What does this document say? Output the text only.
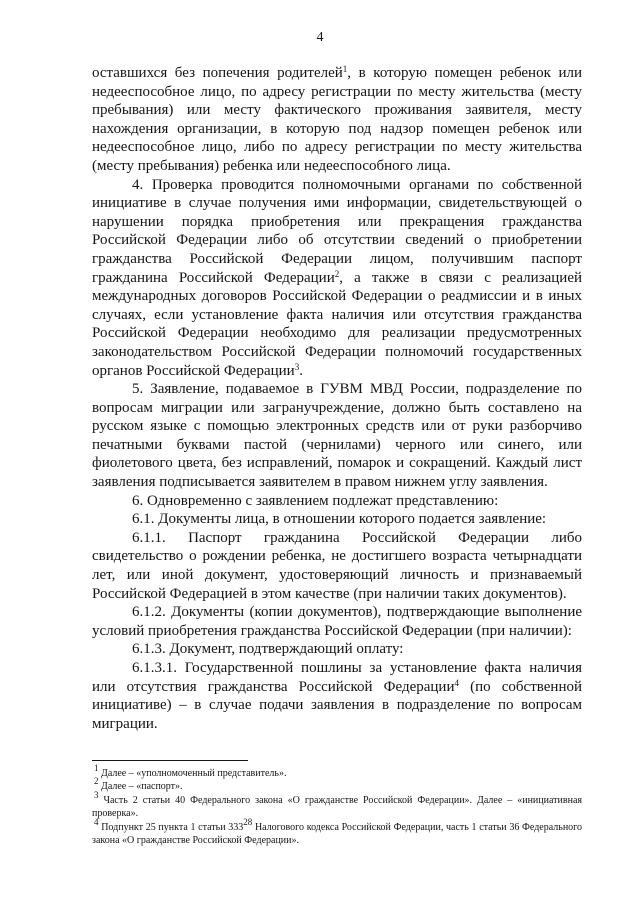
4

оставшихся без попечения родителей$^1$, в которую помещен ребенок или недееспособное лицо, по адресу регистрации по месту жительства (месту пребывания) или месту фактического проживания заявителя, месту нахождения организации, в которую под надзор помещен ребенок или недееспособное лицо, либо по адресу регистрации по месту жительства (месту пребывания) ребенка или недееспособного лица.

4. Проверка проводится полномочными органами по собственной инициативе в случае получения ими информации, свидетельствующей о нарушении порядка приобретения или прекращения гражданства Российской Федерации либо об отсутствии сведений о приобретении гражданства Российской Федерации лицом, получившим паспорт гражданина Российской Федерации$^2$, а также в связи с реализацией международных договоров Российской Федерации о реадмиссии и в иных случаях, если установление факта наличия или отсутствия гражданства Российской Федерации необходимо для реализации предусмотренных законодательством Российской Федерации полномочий государственных органов Российской Федерации$^3$.

5. Заявление, подаваемое в ГУВМ МВД России, подразделение по вопросам миграции или загранучреждение, должно быть составлено на русском языке с помощью электронных средств или от руки разборчиво печатными буквами пастой (чернилами) черного или синего, или фиолетового цвета, без исправлений, помарок и сокращений. Каждый лист заявления подписывается заявителем в правом нижнем углу заявления.

6. Одновременно с заявлением подлежат представлению:

6.1. Документы лица, в отношении которого подается заявление:

6.1.1. Паспорт гражданина Российской Федерации либо свидетельство о рождении ребенка, не достигшего возраста четырнадцати лет, или иной документ, удостоверяющий личность и признаваемый Российской Федерацией в этом качестве (при наличии таких документов).

6.1.2. Документы (копии документов), подтверждающие выполнение условий приобретения гражданства Российской Федерации (при наличии):

6.1.3. Документ, подтверждающий оплату:

6.1.3.1. Государственной пошлины за установление факта наличия или отсутствия гражданства Российской Федерации$^4$ (по собственной инициативе) – в случае подачи заявления в подразделение по вопросам миграции.

$^1$ Далее – «уполномоченный представитель».

$^2$ Далее – «паспорт».

$^3$ Часть 2 статьи 40 Федерального закона «О гражданстве Российской Федерации». Далее – «инициативная проверка».

$^4$ Подпункт 25 пункта 1 статьи $333^{28}$ Налогового кодекса Российской Федерации, часть 1 статьи 36 Федерального закона «О гражданстве Российской Федерации».
